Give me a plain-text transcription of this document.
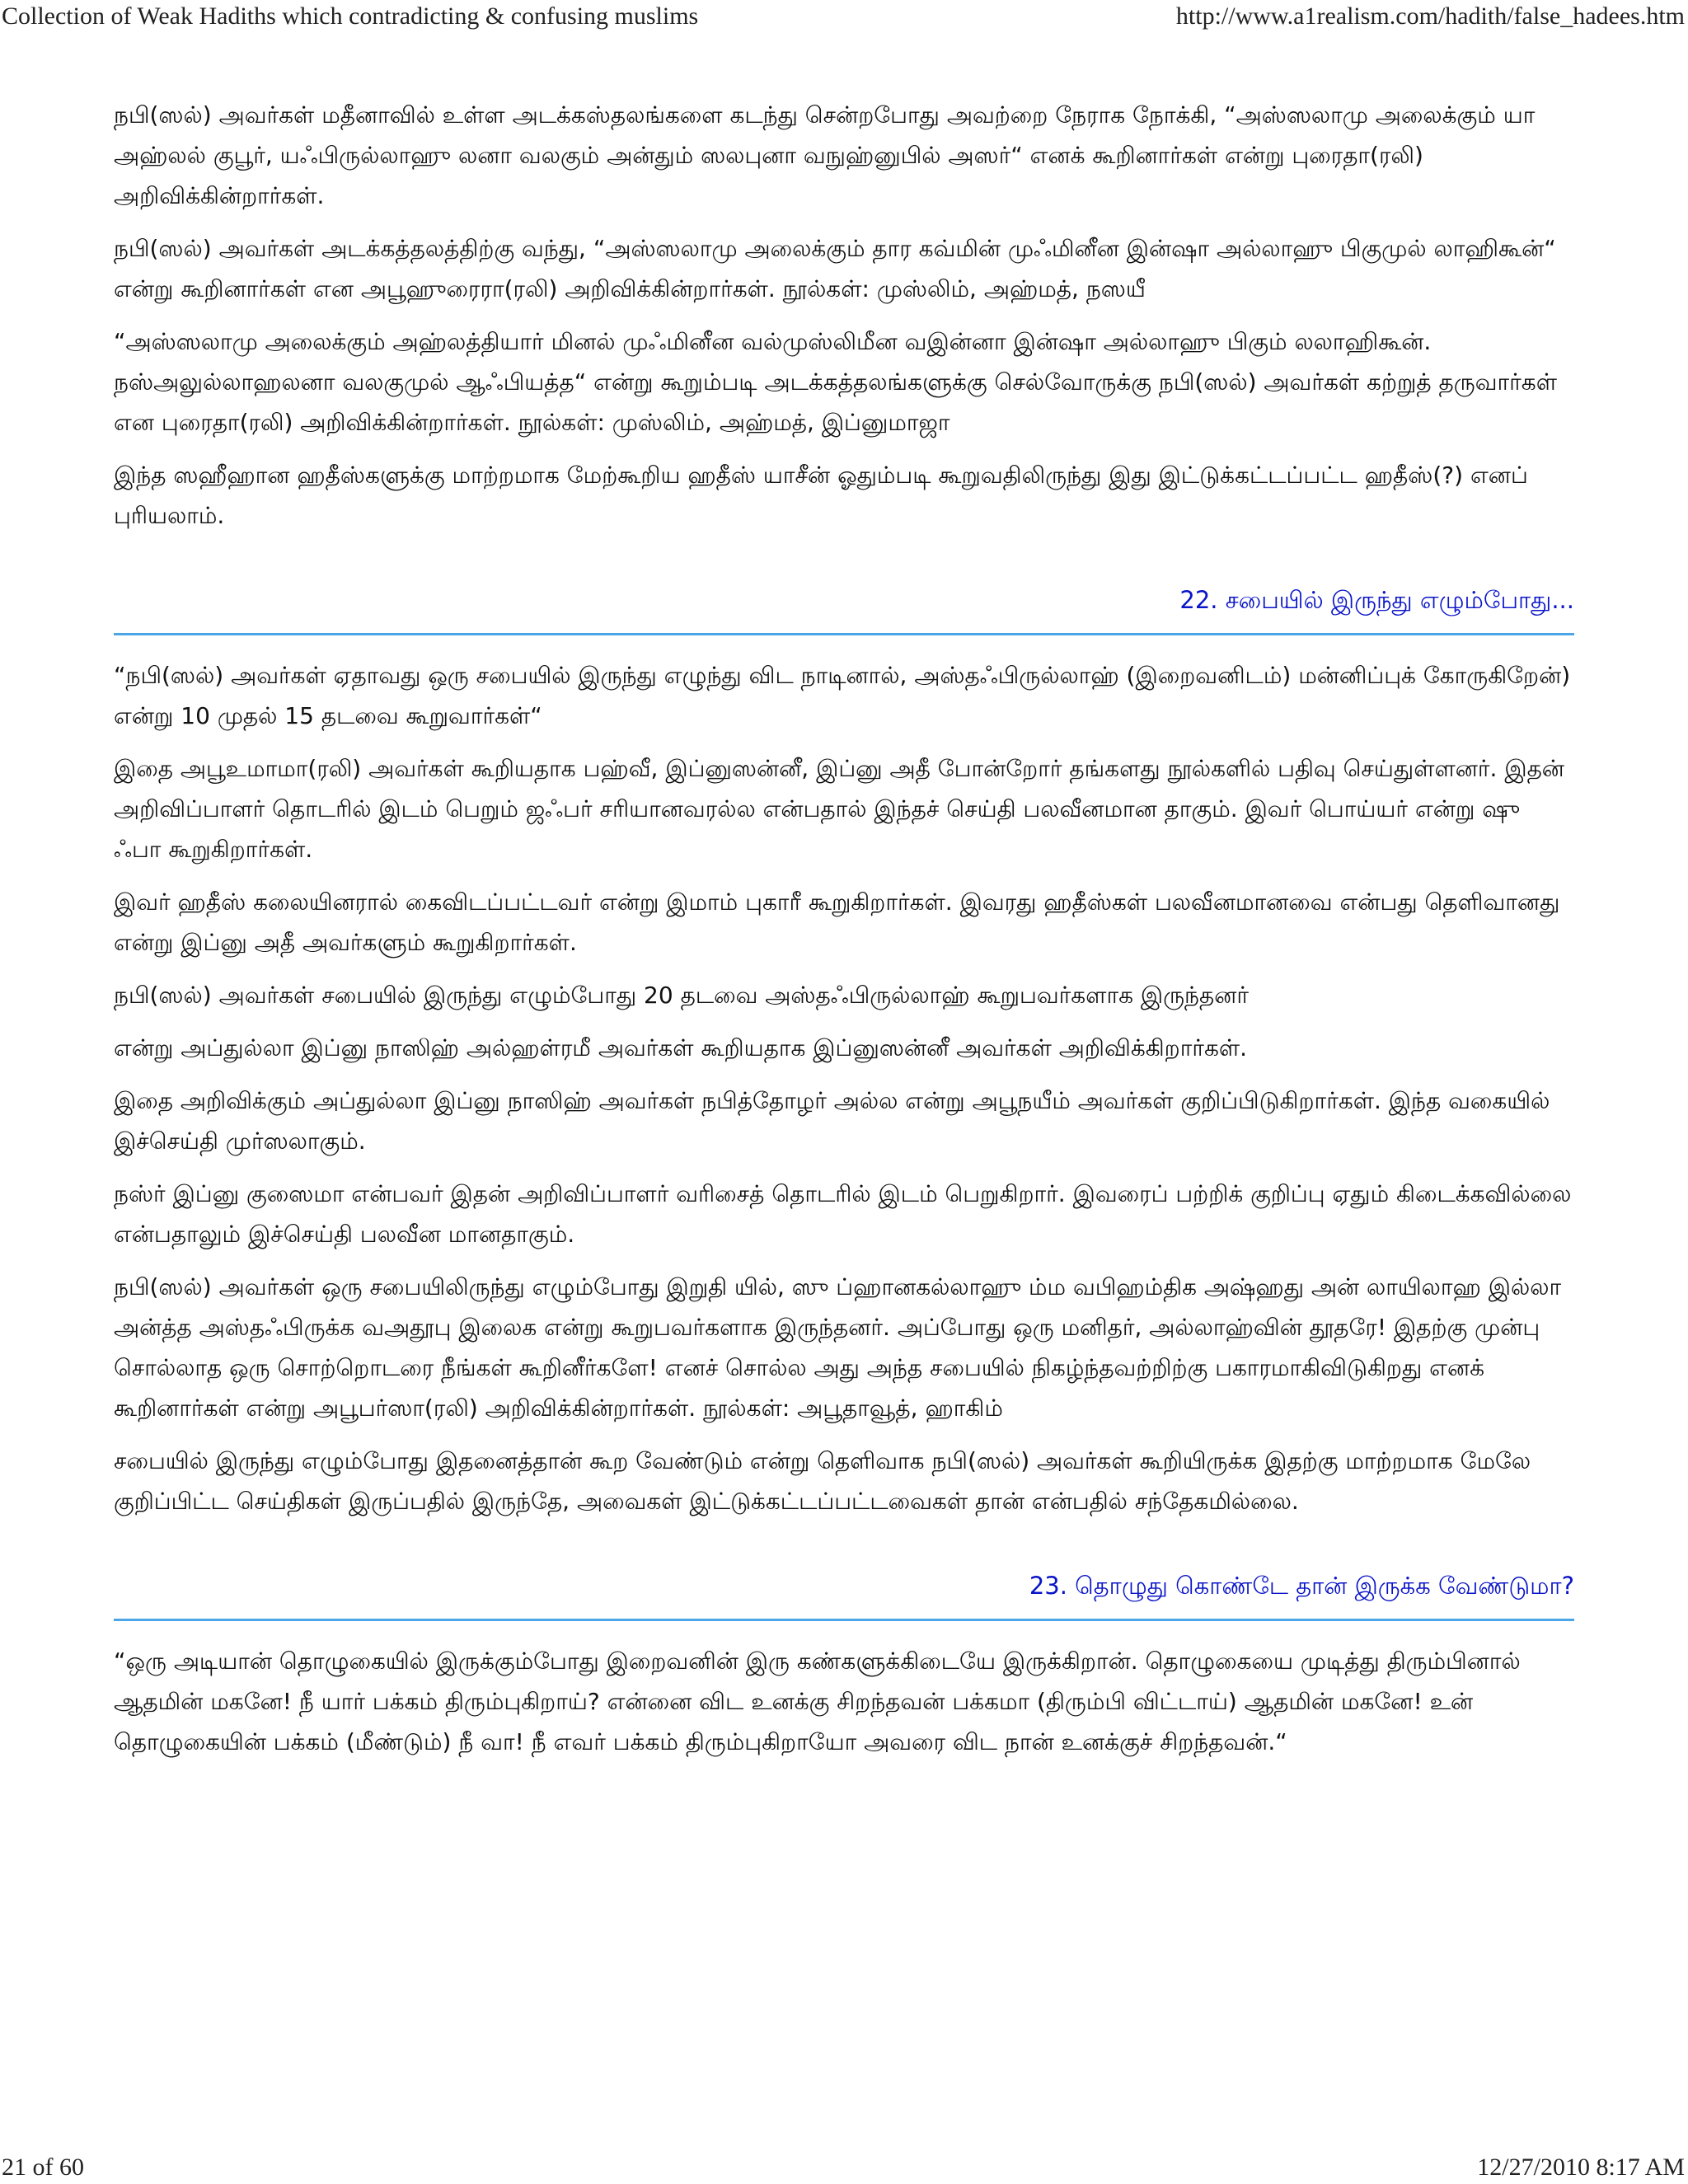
Collection of Weak Hadiths which contradicting & confusing muslims	http://www.a1realism.com/hadith/false_hadees.htm

நபி(ஸல்) அவர்கள் மதீனாவில் உள்ள அடக்கஸ்தலங்களை கடந்து சென்றபோது அவற்றை நேராக நோக்கி, “அஸ்ஸலாமு அலைக்கும் யா அஹ்லல் குபூர், யஃபிருல்லாஹு லனா வலகும் அன்தும் ஸலபுனா வநுஹ்னுபில் அஸர்“ எனக் கூறினார்கள் என்று புரைதா(ரலி) அறிவிக்கின்றார்கள்.

நபி(ஸல்) அவர்கள் அடக்கத்தலத்திற்கு வந்து, “அஸ்ஸலாமு அலைக்கும் தார கவ்மின் முஃமினீன இன்ஷா அல்லாஹு பிகுமுல் லாஹிகூன்“ என்று கூறினார்கள் என அபூஹுரைரா(ரலி) அறிவிக்கின்றார்கள். நூல்கள்: முஸ்லிம், அஹ்மத், நஸயீ

“அஸ்ஸலாமு அலைக்கும் அஹ்லத்தியார் மினல் முஃமினீன வல்முஸ்லிமீன வஇன்னா இன்ஷா அல்லாஹு பிகும் லலாஹிகூன். நஸ்அலுல்லாஹலனா வலகுமுல் ஆஃபியத்த“ என்று கூறும்படி அடக்கத்தலங்களுக்கு செல்வோருக்கு நபி(ஸல்) அவர்கள் கற்றுத் தருவார்கள் என புரைதா(ரலி) அறிவிக்கின்றார்கள். நூல்கள்: முஸ்லிம், அஹ்மத், இப்னுமாஜா

இந்த ஸஹீஹான ஹதீஸ்களுக்கு மாற்றமாக மேற்கூறிய ஹதீஸ் யாசீன் ஓதும்படி கூறுவதிலிருந்து இது இட்டுக்கட்டப்பட்ட ஹதீஸ்(?) எனப் புரியலாம்.

22. சபையில் இருந்து எழும்போது...

“நபி(ஸல்) அவர்கள் ஏதாவது ஒரு சபையில் இருந்து எழுந்து விட நாடினால், அஸ்தஃபிருல்லாஹ் (இறைவனிடம்) மன்னிப்புக் கோருகிறேன்) என்று 10 முதல் 15 தடவை கூறுவார்கள்“

இதை அபூஉமாமா(ரலி) அவர்கள் கூறியதாக பஹ்வீ, இப்னுஸன்னீ, இப்னு அதீ போன்றோர் தங்களது நூல்களில் பதிவு செய்துள்ளனர். இதன் அறிவிப்பாளர் தொடரில் இடம் பெறும் ஜஃபர் சரியானவரல்ல என்பதால் இந்தச் செய்தி பலவீனமான தாகும். இவர் பொய்யர் என்று ஷு ஃபா கூறுகிறார்கள்.

இவர் ஹதீஸ் கலையினரால் கைவிடப்பட்டவர் என்று இமாம் புகாரீ கூறுகிறார்கள். இவரது ஹதீஸ்கள் பலவீனமானவை என்பது தெளிவானது என்று இப்னு அதீ அவர்களும் கூறுகிறார்கள்.

நபி(ஸல்) அவர்கள் சபையில் இருந்து எழும்போது 20 தடவை அஸ்தஃபிருல்லாஹ் கூறுபவர்களாக இருந்தனர்

என்று அப்துல்லா இப்னு நாஸிஹ் அல்ஹள்ரமீ அவர்கள் கூறியதாக இப்னுஸன்னீ அவர்கள் அறிவிக்கிறார்கள்.

இதை அறிவிக்கும் அப்துல்லா இப்னு நாஸிஹ் அவர்கள் நபித்தோழர் அல்ல என்று அபூநயீம் அவர்கள் குறிப்பிடுகிறார்கள். இந்த வகையில் இச்செய்தி முர்ஸலாகும்.

நஸ்ர் இப்னு குஸைமா என்பவர் இதன் அறிவிப்பாளர் வரிசைத் தொடரில் இடம் பெறுகிறார். இவரைப் பற்றிக் குறிப்பு ஏதும் கிடைக்கவில்லை என்பதாலும் இச்செய்தி பலவீன மானதாகும்.

நபி(ஸல்) அவர்கள் ஒரு சபையிலிருந்து எழும்போது இறுதி யில், ஸு ப்ஹானகல்லாஹு ம்ம வபிஹம்திக அஷ்ஹது அன் லாயிலாஹ இல்லா அன்த்த அஸ்தஃபிருக்க வஅதூபு இலைக என்று கூறுபவர்களாக இருந்தனர். அப்போது ஒரு மனிதர், அல்லாஹ்வின் தூதரே! இதற்கு முன்பு சொல்லாத ஒரு சொற்றொடரை நீங்கள் கூறினீர்களே! எனச் சொல்ல அது அந்த சபையில் நிகழ்ந்தவற்றிற்கு பகாரமாகிவிடுகிறது எனக் கூறினார்கள் என்று அபூபர்ஸா(ரலி) அறிவிக்கின்றார்கள். நூல்கள்: அபூதாவூத், ஹாகிம்

சபையில் இருந்து எழும்போது இதனைத்தான் கூற வேண்டும் என்று தெளிவாக நபி(ஸல்) அவர்கள் கூறியிருக்க இதற்கு மாற்றமாக மேலே குறிப்பிட்ட செய்திகள் இருப்பதில் இருந்தே, அவைகள் இட்டுக்கட்டப்பட்டவைகள் தான் என்பதில் சந்தேகமில்லை.

23. தொழுது கொண்டே தான் இருக்க வேண்டுமா?

“ஒரு அடியான் தொழுகையில் இருக்கும்போது இறைவனின் இரு கண்களுக்கிடையே இருக்கிறான். தொழுகையை முடித்து திரும்பினால் ஆதமின் மகனே! நீ யார் பக்கம் திரும்புகிறாய்? என்னை விட உனக்கு சிறந்தவன் பக்கமா (திரும்பி விட்டாய்) ஆதமின் மகனே! உன் தொழுகையின் பக்கம் (மீண்டும்) நீ வா! நீ எவர் பக்கம் திரும்புகிறாயோ அவரை விட நான் உனக்குச் சிறந்தவன்.“

21 of 60	12/27/2010 8:17 AM
